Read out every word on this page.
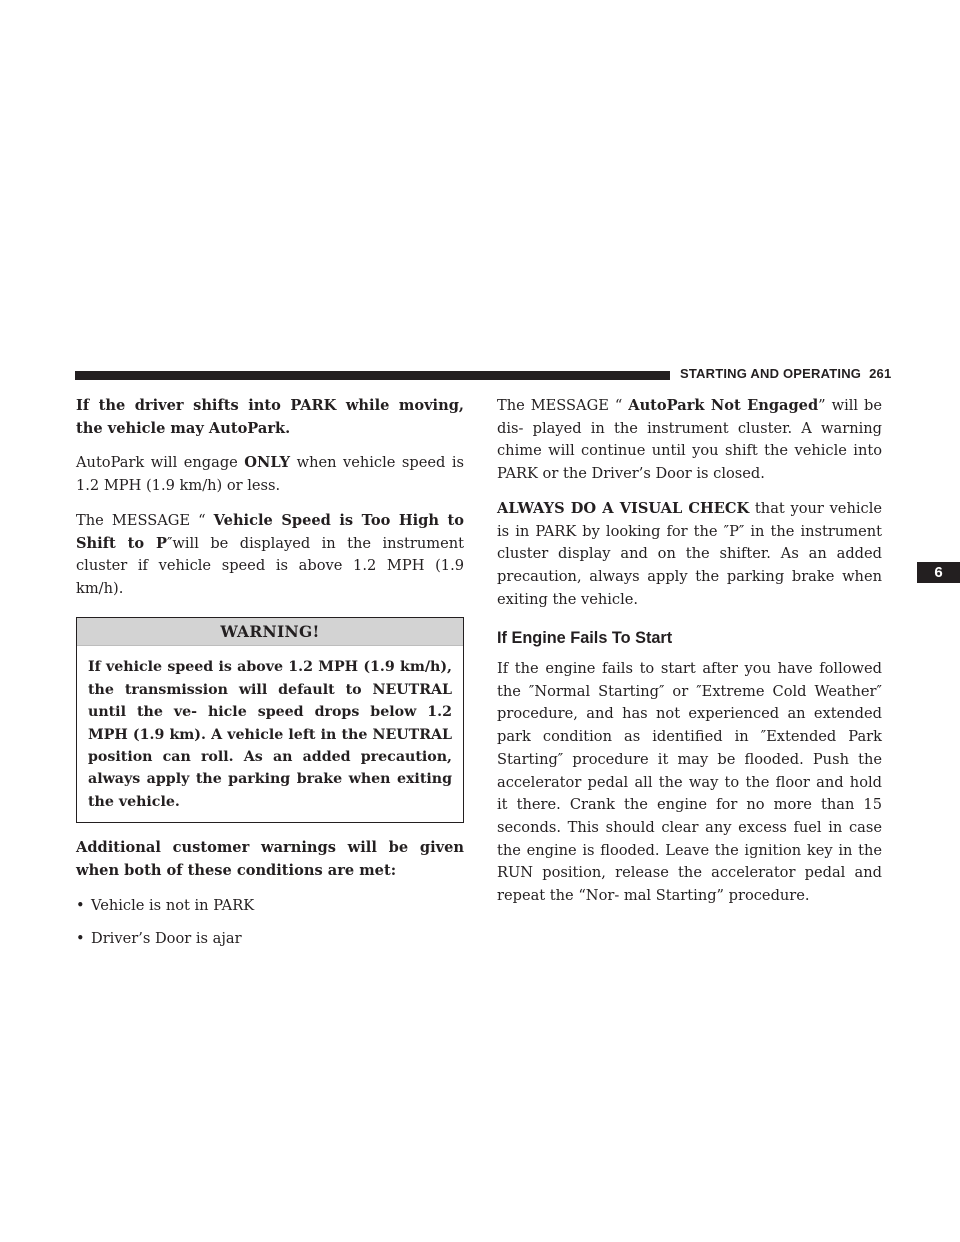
STARTING AND OPERATING 261

If the driver shifts into PARK while moving, the vehicle may AutoPark.

AutoPark will engage ONLY when vehicle speed is 1.2 MPH (1.9 km/h) or less.

The MESSAGE “ Vehicle Speed is Too High to Shift to P″will be displayed in the instrument cluster if vehicle speed is above 1.2 MPH (1.9 km/h).

WARNING!
If vehicle speed is above 1.2 MPH (1.9 km/h), the transmission will default to NEUTRAL until the ve- hicle speed drops below 1.2 MPH (1.9 km). A vehicle left in the NEUTRAL position can roll. As an added precaution, always apply the parking brake when exiting the vehicle.

Additional customer warnings will be given when both of these conditions are met:

• Vehicle is not in PARK
• Driver’s Door is ajar

The MESSAGE “ AutoPark Not Engaged” will be dis- played in the instrument cluster. A warning chime will continue until you shift the vehicle into PARK or the Driver’s Door is closed.

ALWAYS DO A VISUAL CHECK that your vehicle is in PARK by looking for the ″P″ in the instrument cluster display and on the shifter. As an added precaution, always apply the parking brake when exiting the vehicle.

If Engine Fails To Start

If the engine fails to start after you have followed the ″Normal Starting″ or ″Extreme Cold Weather″ procedure, and has not experienced an extended park condition as identified in ″Extended Park Starting″ procedure it may be flooded. Push the accelerator pedal all the way to the floor and hold it there. Crank the engine for no more than 15 seconds. This should clear any excess fuel in case the engine is flooded. Leave the ignition key in the RUN position, release the accelerator pedal and repeat the “Nor- mal Starting” procedure.

6
